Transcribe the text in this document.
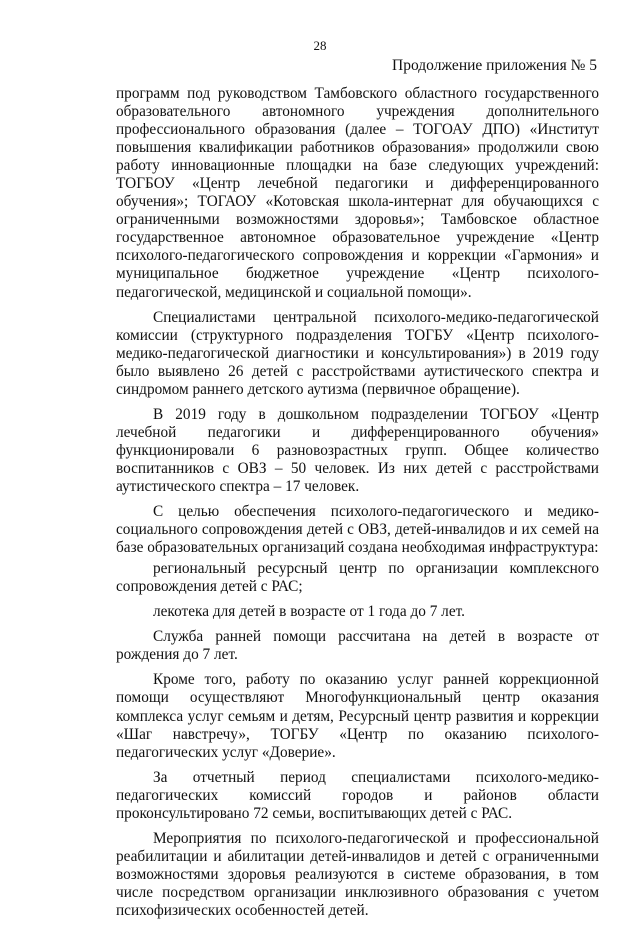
28
Продолжение приложения № 5

программ под руководством Тамбовского областного государственного образовательного автономного учреждения дополнительного профессионального образования (далее – ТОГОАУ ДПО) «Институт повышения квалификации работников образования» продолжили свою работу инновационные площадки на базе следующих учреждений: ТОГБОУ «Центр лечебной педагогики и дифференцированного обучения»; ТОГАОУ «Котовская школа-интернат для обучающихся с ограниченными возможностями здоровья»; Тамбовское областное государственное автономное образовательное учреждение «Центр психолого-педагогического сопровождения и коррекции «Гармония» и муниципальное бюджетное учреждение «Центр психолого-педагогической, медицинской и социальной помощи».

Специалистами центральной психолого-медико-педагогической комиссии (структурного подразделения ТОГБУ «Центр психолого-медико-педагогической диагностики и консультирования») в 2019 году было выявлено 26 детей с расстройствами аутистического спектра и синдромом раннего детского аутизма (первичное обращение).

В 2019 году в дошкольном подразделении ТОГБОУ «Центр лечебной педагогики и дифференцированного обучения» функционировали 6 разновозрастных групп. Общее количество воспитанников с ОВЗ – 50 человек. Из них детей с расстройствами аутистического спектра – 17 человек.

С целью обеспечения психолого-педагогического и медико-социального сопровождения детей с ОВЗ, детей-инвалидов и их семей на базе образовательных организаций создана необходимая инфраструктура:

региональный ресурсный центр по организации комплексного сопровождения детей с РАС;

лекотека для детей в возрасте от 1 года до 7 лет.

Служба ранней помощи рассчитана на детей в возрасте от рождения до 7 лет.

Кроме того, работу по оказанию услуг ранней коррекционной помощи осуществляют Многофункциональный центр оказания комплекса услуг семьям и детям, Ресурсный центр развития и коррекции «Шаг навстречу», ТОГБУ «Центр по оказанию психолого-педагогических услуг «Доверие».

За отчетный период специалистами психолого-медико-педагогических комиссий городов и районов области проконсультировано 72 семьи, воспитывающих детей с РАС.

Мероприятия по психолого-педагогической и профессиональной реабилитации и абилитации детей-инвалидов и детей с ограниченными возможностями здоровья реализуются в системе образования, в том числе посредством организации инклюзивного образования с учетом психофизических особенностей детей.
